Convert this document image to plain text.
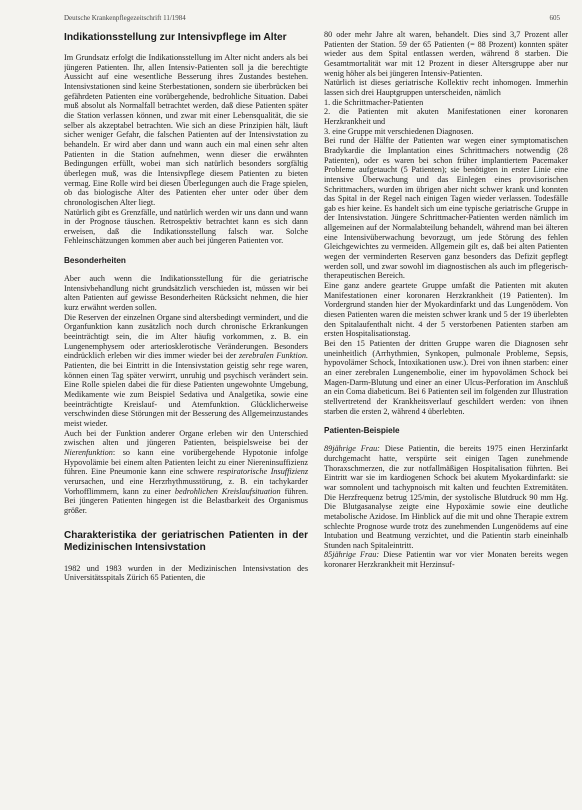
Deutsche Krankenpflegezeitschrift 11/1984	605
Indikationsstellung zur Intensivpflege im Alter

Im Grundsatz erfolgt die Indikationsstellung im Alter nicht anders als bei jüngeren Patienten. Ihr, allen Intensiv-Patienten soll ja die berechtigte Aussicht auf eine wesentliche Besserung ihres Zustandes bestehen. Intensivstationen sind keine Sterbestationen, sondern sie überbrücken bei gefährdeten Patienten eine vorübergehende, bedrohliche Situation. Dabei muß absolut als Normalfall betrachtet werden, daß diese Patienten später die Station verlassen können, und zwar mit einer Lebensqualität, die sie selber als akzeptabel betrachten. Wie sich an diese Prinzipien hält, läuft sicher weniger Gefahr, die falschen Patienten auf der Intensivstation zu behandeln. Er wird aber dann und wann auch ein mal einen sehr alten Patienten in die Station aufnehmen, wenn dieser die erwähnten Bedingungen erfüllt, wobei man sich natürlich besonders sorgfältig überlegen muß, was die Intensivpflege diesem Patienten zu bieten vermag. Eine Rolle wird bei diesen Überlegungen auch die Frage spielen, ob das biologische Alter des Patienten eher unter oder über dem chronologischen Alter liegt.

Natürlich gibt es Grenzfälle, und natürlich werden wir uns dann und wann in der Prognose täuschen. Retrospektiv betrachtet kann es sich dann erweisen, daß die Indikationsstellung falsch war. Solche Fehleinschätzungen kommen aber auch bei jüngeren Patienten vor.

Besonderheiten

Aber auch wenn die Indikationsstellung für die geriatrische Intensivbehandlung nicht grundsätzlich verschieden ist, müssen wir bei alten Patienten auf gewisse Besonderheiten Rücksicht nehmen, die hier kurz erwähnt werden sollen.

Die Reserven der einzelnen Organe sind altersbedingt vermindert, und die Organfunktion kann zusätzlich noch durch chronische Erkrankungen beeinträchtigt sein, die im Alter häufig vorkommen, z. B. ein Lungenemphysem oder arteriosklerotische Veränderungen. Besonders eindrücklich erleben wir dies immer wieder bei der zerebralen Funktion. Patienten, die bei Eintritt in die Intensivstation geistig sehr rege waren, können einen Tag später verwirrt, unruhig und psychisch verändert sein. Eine Rolle spielen dabei die für diese Patienten ungewohnte Umgebung, Medikamente wie zum Beispiel Sedativa und Analgetika, sowie eine beeinträchtigte Kreislauf- und Atemfunktion. Glücklicherweise verschwinden diese Störungen mit der Besserung des Allgemeinzustandes meist wieder.

Auch bei der Funktion anderer Organe erleben wir den Unterschied zwischen alten und jüngeren Patienten, beispielsweise bei der Nierenfunktion: so kann eine vorübergehende Hypotonie infolge Hypovolämie bei einem alten Patienten leicht zu einer Niereninsuffizienz führen. Eine Pneumonie kann eine schwere respiratorische Insuffizienz verursachen, und eine Herzrhythmusstörung, z. B. ein tachykarder Vorhofflimmern, kann zu einer bedrohlichen Kreislaufsituation führen. Bei jüngeren Patienten hingegen ist die Belastbarkeit des Organismus größer.

Charakteristika der geriatrischen Patienten in der Medizinischen Intensivstation

1982 und 1983 wurden in der Medizinischen Intensivstation des Universitätsspitals Zürich 65 Patienten, die

80 oder mehr Jahre alt waren, behandelt. Dies sind 3,7 Prozent aller Patienten der Station. 59 der 65 Patienten (= 88 Prozent) konnten später wieder aus dem Spital entlassen werden, während 8 starben. Die Gesamtmortalität war mit 12 Prozent in dieser Altersgruppe aber nur wenig höher als bei jüngeren Intensiv-Patienten.

Natürlich ist dieses geriatrische Kollektiv recht inhomogen. Immerhin lassen sich drei Hauptgruppen unterscheiden, nämlich

1. die Schrittmacher-Patienten

2. die Patienten mit akuten Manifestationen einer koronaren Herzkrankheit und

3. eine Gruppe mit verschiedenen Diagnosen.

Bei rund der Hälfte der Patienten war wegen einer symptomatischen Bradykardie die Implantation eines Schrittmachers notwendig (28 Patienten), oder es waren bei schon früher implantiertem Pacemaker Probleme aufgetaucht (5 Patienten); sie benötigten in erster Linie eine intensive Überwachung und das Einlegen eines provisorischen Schrittmachers, wurden im übrigen aber nicht schwer krank und konnten das Spital in der Regel nach einigen Tagen wieder verlassen. Todesfälle gab es hier keine. Es handelt sich um eine typische geriatrische Gruppe in der Intensivstation. Jüngere Schrittmacher-Patienten werden nämlich im allgemeinen auf der Normalabteilung behandelt, während man bei älteren eine Intensivüberwachung bevorzugt, um jede Störung des fehlen Gleichgewichtes zu vermeiden. Allgemein gilt es, daß bei alten Patienten wegen der verminderten Reserven ganz besonders das Defizit gepflegt werden soll, und zwar sowohl im diagnostischen als auch im pflegerisch-therapeutischen Bereich.

Eine ganz andere geartete Gruppe umfaßt die Patienten mit akuten Manifestationen einer koronaren Herzkrankheit (19 Patienten). Im Vordergrund standen hier der Myokardinfarkt und das Lungenödem. Von diesen Patienten waren die meisten schwer krank und 5 der 19 überlebten den Spitalaufenthalt nicht. 4 der 5 verstorbenen Patienten starben am ersten Hospitalisationstag.

Bei den 15 Patienten der dritten Gruppe waren die Diagnosen sehr uneinheitlich (Arrhythmien, Synkopen, pulmonale Probleme, Sepsis, hypovolämer Schock, Intoxikationen usw.). Drei von ihnen starben: einer an einer zerebralen Lungenembolie, einer im hypovolämen Schock bei Magen-Darm-Blutung und einer an einer Ulcus-Perforation im Anschluß an ein Coma diabeticum. Bei 6 Patienten seil im folgenden zur Illustration stellvertretend der Krankheitsverlauf geschildert werden: von ihnen starben die ersten 2, während 4 überlebten.

Patienten-Beispiele

89jährige Frau: Diese Patientin, die bereits 1975 einen Herzinfarkt durchgemacht hatte, verspürte seit einigen Tagen zunehmende Thoraxschmerzen, die zur notfallmäßigen Hospitalisation führten. Bei Eintritt war sie im kardiogenen Schock bei akutem Myokardinfarkt: sie war somnolent und tachypnoisch mit kalten und feuchten Extremitäten. Die Herzfrequenz betrug 125/min, der systolische Blutdruck 90 mm Hg. Die Blutgasanalyse zeigte eine Hypoxämie sowie eine deutliche metabolische Azidose. Im Hinblick auf die mit und ohne Therapie extrem schlechte Prognose wurde trotz des zunehmenden Lungenödems auf eine Intubation und Beatmung verzichtet, und die Patientin starb eineinhalb Stunden nach Spitaleintritt.

85jährige Frau: Diese Patientin war vor vier Monaten bereits wegen koronarer Herzkrankheit mit Herzinsuf-
